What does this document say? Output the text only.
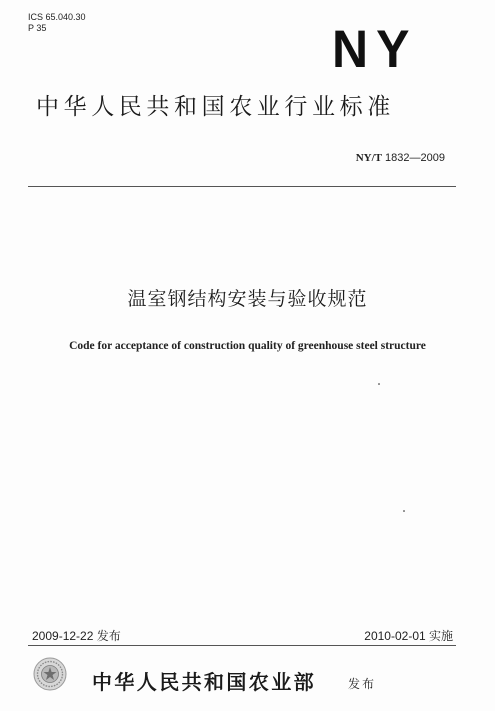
ICS 65.040.30
P 35	NY
中华人民共和国农业行业标准
NY/T 1832—2009
温室钢结构安装与验收规范
Code for acceptance of construction quality of greenhouse steel structure
2009-12-22 发布	2010-02-01 实施
中华人民共和国农业部	发布
